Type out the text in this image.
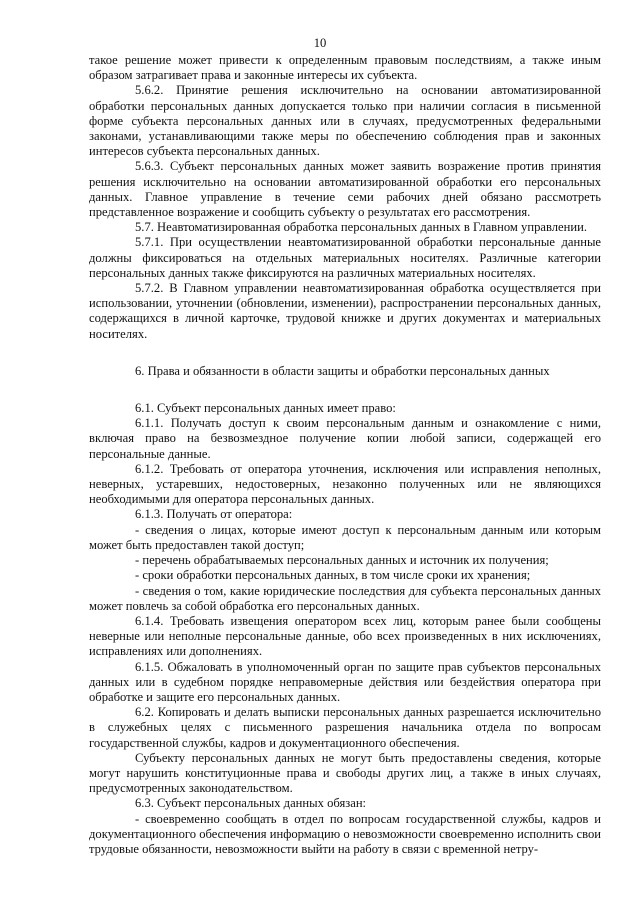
10

такое решение может привести к определенным правовым последствиям, а также иным образом затрагивает права и законные интересы их субъекта.

5.6.2. Принятие решения исключительно на основании автоматизированной обработки персональных данных допускается только при наличии согласия в письменной форме субъекта персональных данных или в случаях, предусмотренных федеральными законами, устанавливающими также меры по обеспечению соблюдения прав и законных интересов субъекта персональных данных.

5.6.3. Субъект персональных данных может заявить возражение против принятия решения исключительно на основании автоматизированной обработки его персональных данных. Главное управление в течение семи рабочих дней обязано рассмотреть представленное возражение и сообщить субъекту о результатах его рассмотрения.

5.7. Неавтоматизированная обработка персональных данных в Главном управлении.

5.7.1. При осуществлении неавтоматизированной обработки персональные данные должны фиксироваться на отдельных материальных носителях. Различные категории персональных данных также фиксируются на различных материальных носителях.

5.7.2. В Главном управлении неавтоматизированная обработка осуществляется при использовании, уточнении (обновлении, изменении), распространении персональных данных, содержащихся в личной карточке, трудовой книжке и других документах и материальных носителях.

6. Права и обязанности в области защиты и обработки персональных данных

6.1. Субъект персональных данных имеет право:

6.1.1. Получать доступ к своим персональным данным и ознакомление с ними, включая право на безвозмездное получение копии любой записи, содержащей его персональные данные.

6.1.2. Требовать от оператора уточнения, исключения или исправления неполных, неверных, устаревших, недостоверных, незаконно полученных или не являющихся необходимыми для оператора персональных данных.

6.1.3. Получать от оператора:

- сведения о лицах, которые имеют доступ к персональным данным или которым может быть предоставлен такой доступ;

- перечень обрабатываемых персональных данных и источник их получения;

- сроки обработки персональных данных, в том числе сроки их хранения;

- сведения о том, какие юридические последствия для субъекта персональных данных может повлечь за собой обработка его персональных данных.

6.1.4. Требовать извещения оператором всех лиц, которым ранее были сообщены неверные или неполные персональные данные, обо всех произведенных в них исключениях, исправлениях или дополнениях.

6.1.5. Обжаловать в уполномоченный орган по защите прав субъектов персональных данных или в судебном порядке неправомерные действия или бездействия оператора при обработке и защите его персональных данных.

6.2. Копировать и делать выписки персональных данных разрешается исключительно в служебных целях с письменного разрешения начальника отдела по вопросам государственной службы, кадров и документационного обеспечения.

Субъекту персональных данных не могут быть предоставлены сведения, которые могут нарушить конституционные права и свободы других лиц, а также в иных случаях, предусмотренных законодательством.

6.3. Субъект персональных данных обязан:

- своевременно сообщать в отдел по вопросам государственной службы, кадров и документационного обеспечения информацию о невозможности своевременно исполнить свои трудовые обязанности, невозможности выйти на работу в связи с временной нетру-
